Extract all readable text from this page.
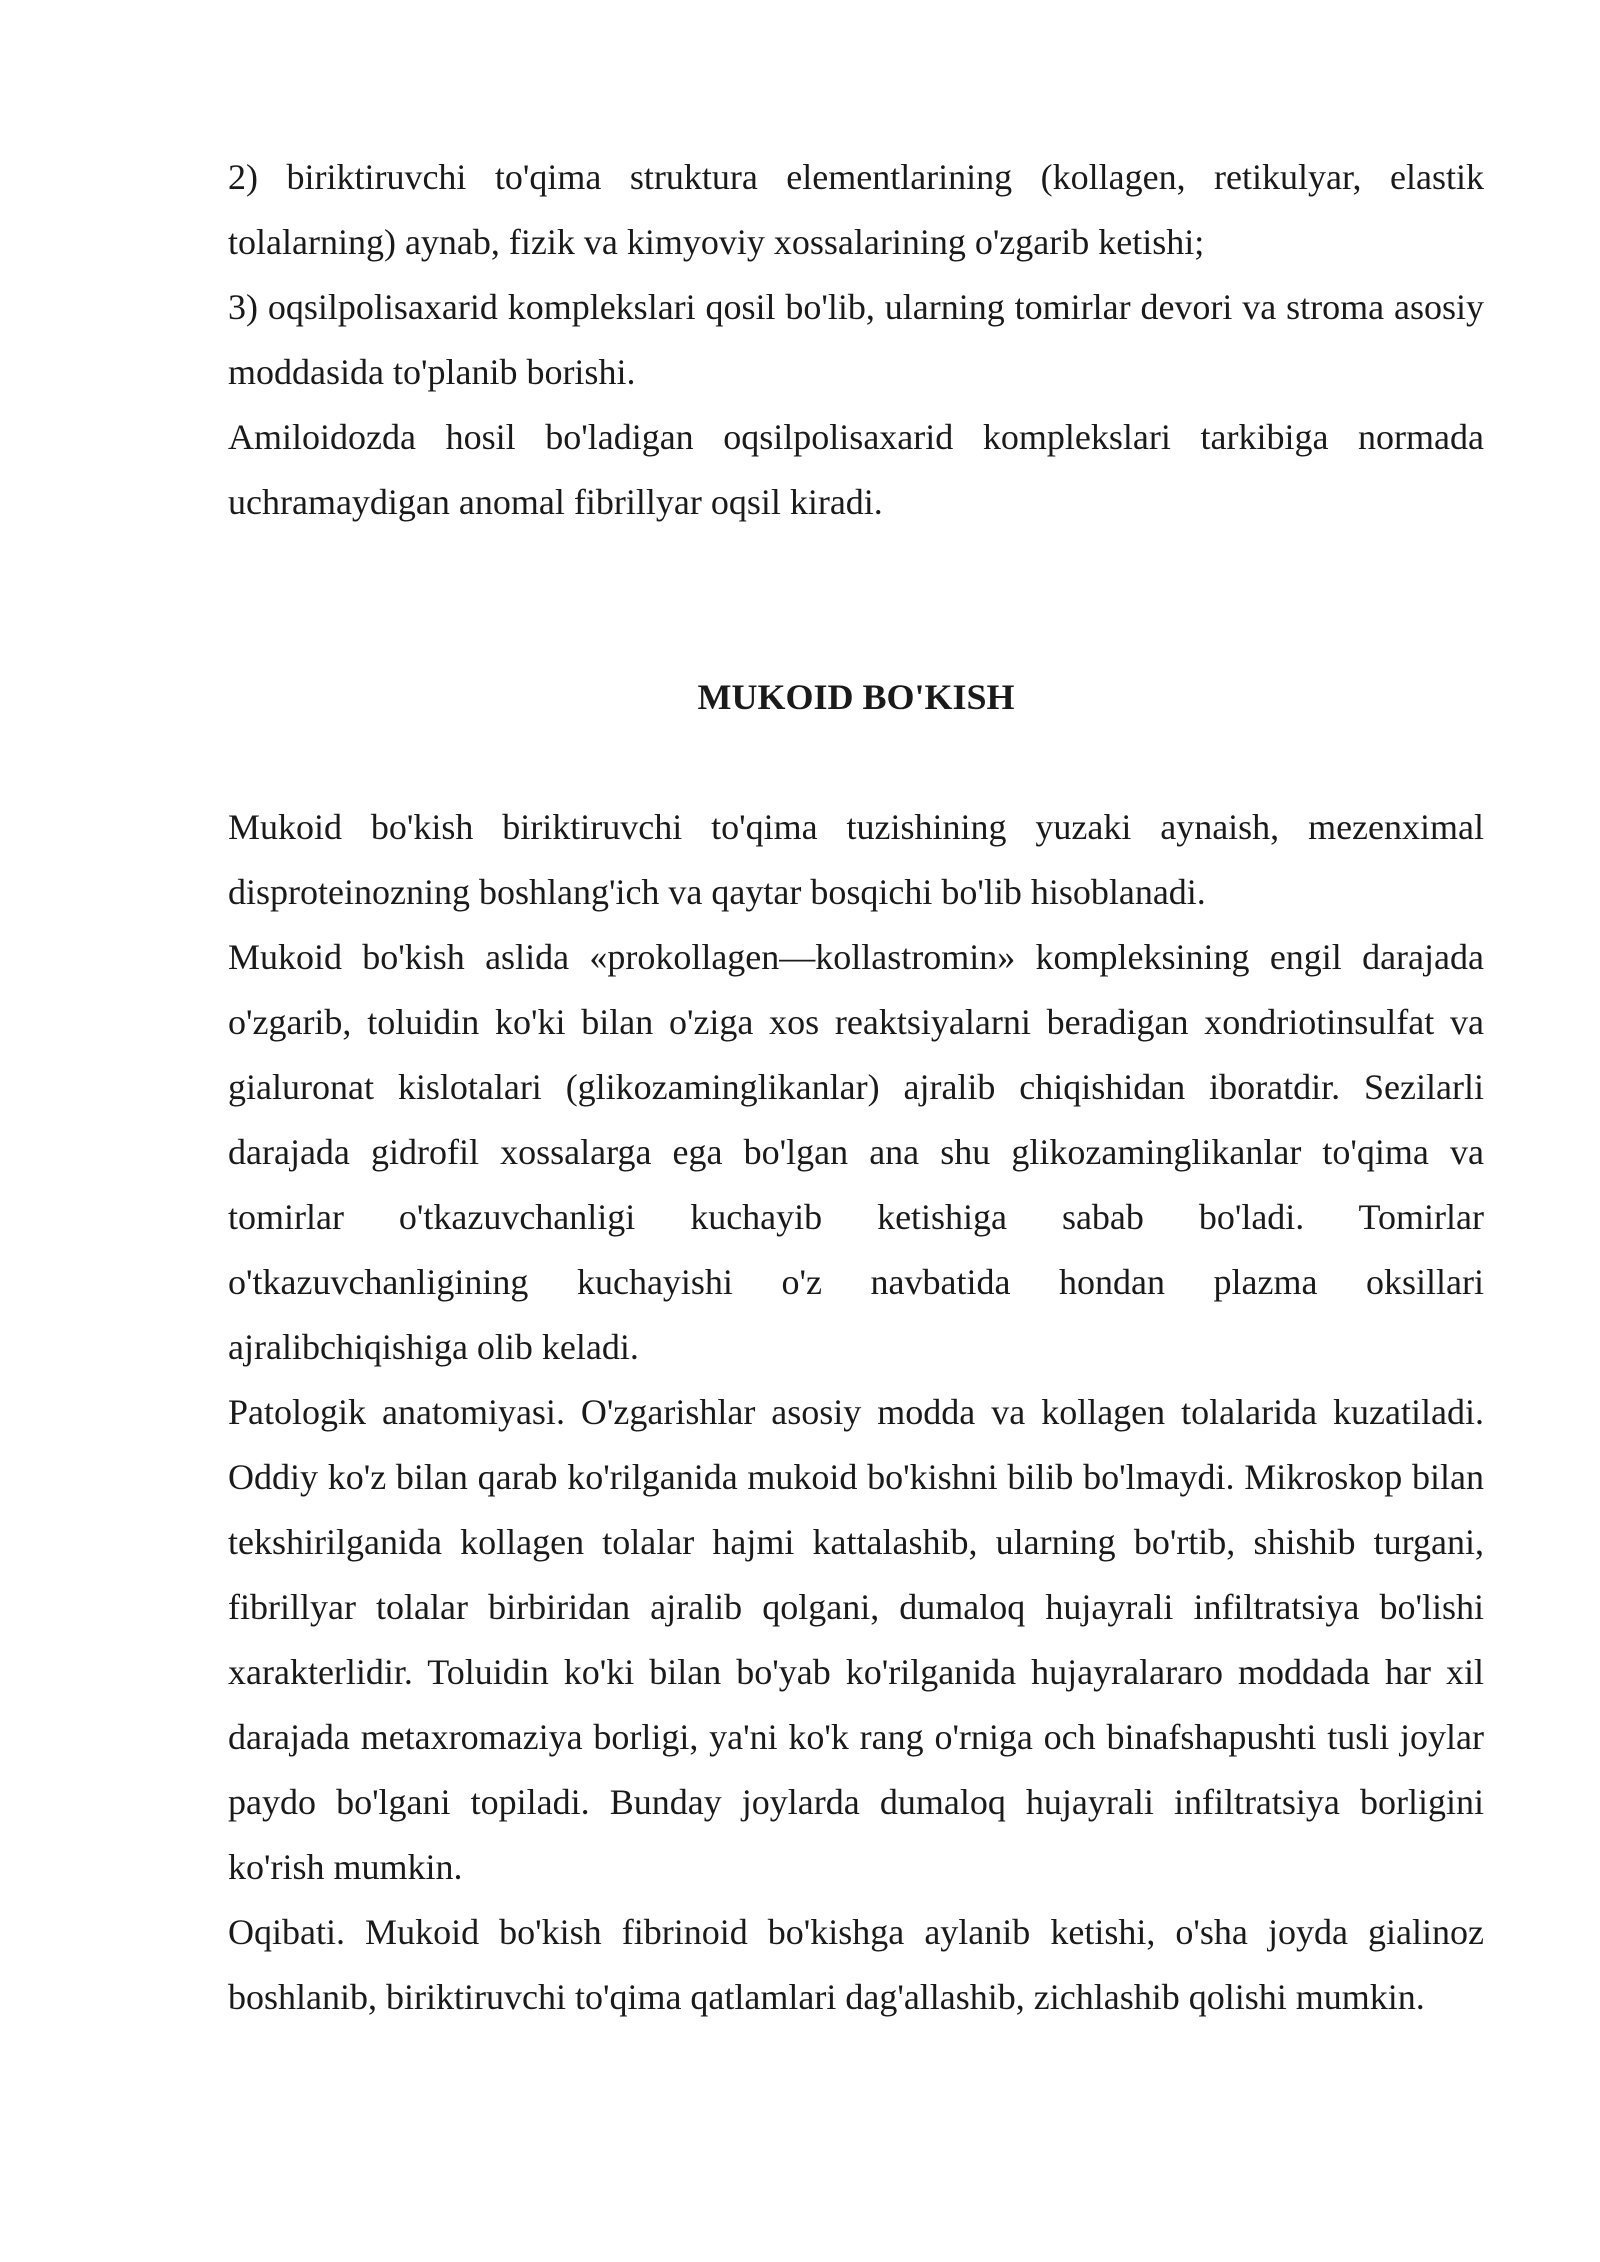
2) biriktiruvchi to'qima struktura elementlarining (kollagen, retikulyar, elastik tolalarning) aynab, fizik va kimyoviy xossalarining o'zgarib ketishi;

3) oqsilpolisaxarid komplekslari qosil bo'lib, ularning tomirlar devori va stroma asosiy moddasida to'planib borishi.

Amiloidozda hosil bo'ladigan oqsilpolisaxarid komplekslari tarkibiga normada uchramaydigan anomal fibrillyar oqsil kiradi.

MUKOID BO'KISH

Mukoid bo'kish biriktiruvchi to'qima tuzishining yuzaki aynaish, mezenximal disproteinozning boshlang'ich va qaytar bosqichi bo'lib hisoblanadi.

Mukoid bo'kish aslida «prokollagen—kollastromin» kompleksining engil darajada o'zgarib, toluidin ko'ki bilan o'ziga xos reaktsiyalarni beradigan xondriotinsulfat va gialuronat kislotalari (glikozaminglikanlar) ajralib chiqishidan iboratdir. Sezilarli darajada gidrofil xossalarga ega bo'lgan ana shu glikozaminglikanlar to'qima va tomirlar o'tkazuvchanligi kuchayib ketishiga sabab bo'ladi. Tomirlar o'tkazuvchanligining kuchayishi o'z navbatida hondan plazma oksillari ajralibchiqishiga olib keladi.

Patologik anatomiyasi. O'zgarishlar asosiy modda va kollagen tolalarida kuzatiladi. Oddiy ko'z bilan qarab ko'rilganida mukoid bo'kishni bilib bo'lmaydi. Mikroskop bilan tekshirilganida kollagen tolalar hajmi kattalashib, ularning bo'rtib, shishib turgani, fibrillyar tolalar birbiridan ajralib qolgani, dumaloq hujayrali infiltratsiya bo'lishi xarakterlidir. Toluidin ko'ki bilan bo'yab ko'rilganida hujayralararo moddada har xil darajada metaxromaziya borligi, ya'ni ko'k rang o'rniga och binafshapushti tusli joylar paydo bo'lgani topiladi. Bunday joylarda dumaloq hujayrali infiltratsiya borligini ko'rish mumkin.

Oqibati. Mukoid bo'kish fibrinoid bo'kishga aylanib ketishi, o'sha joyda gialinoz boshlanib, biriktiruvchi to'qima qatlamlari dag'allashib, zichlashib qolishi mumkin.
